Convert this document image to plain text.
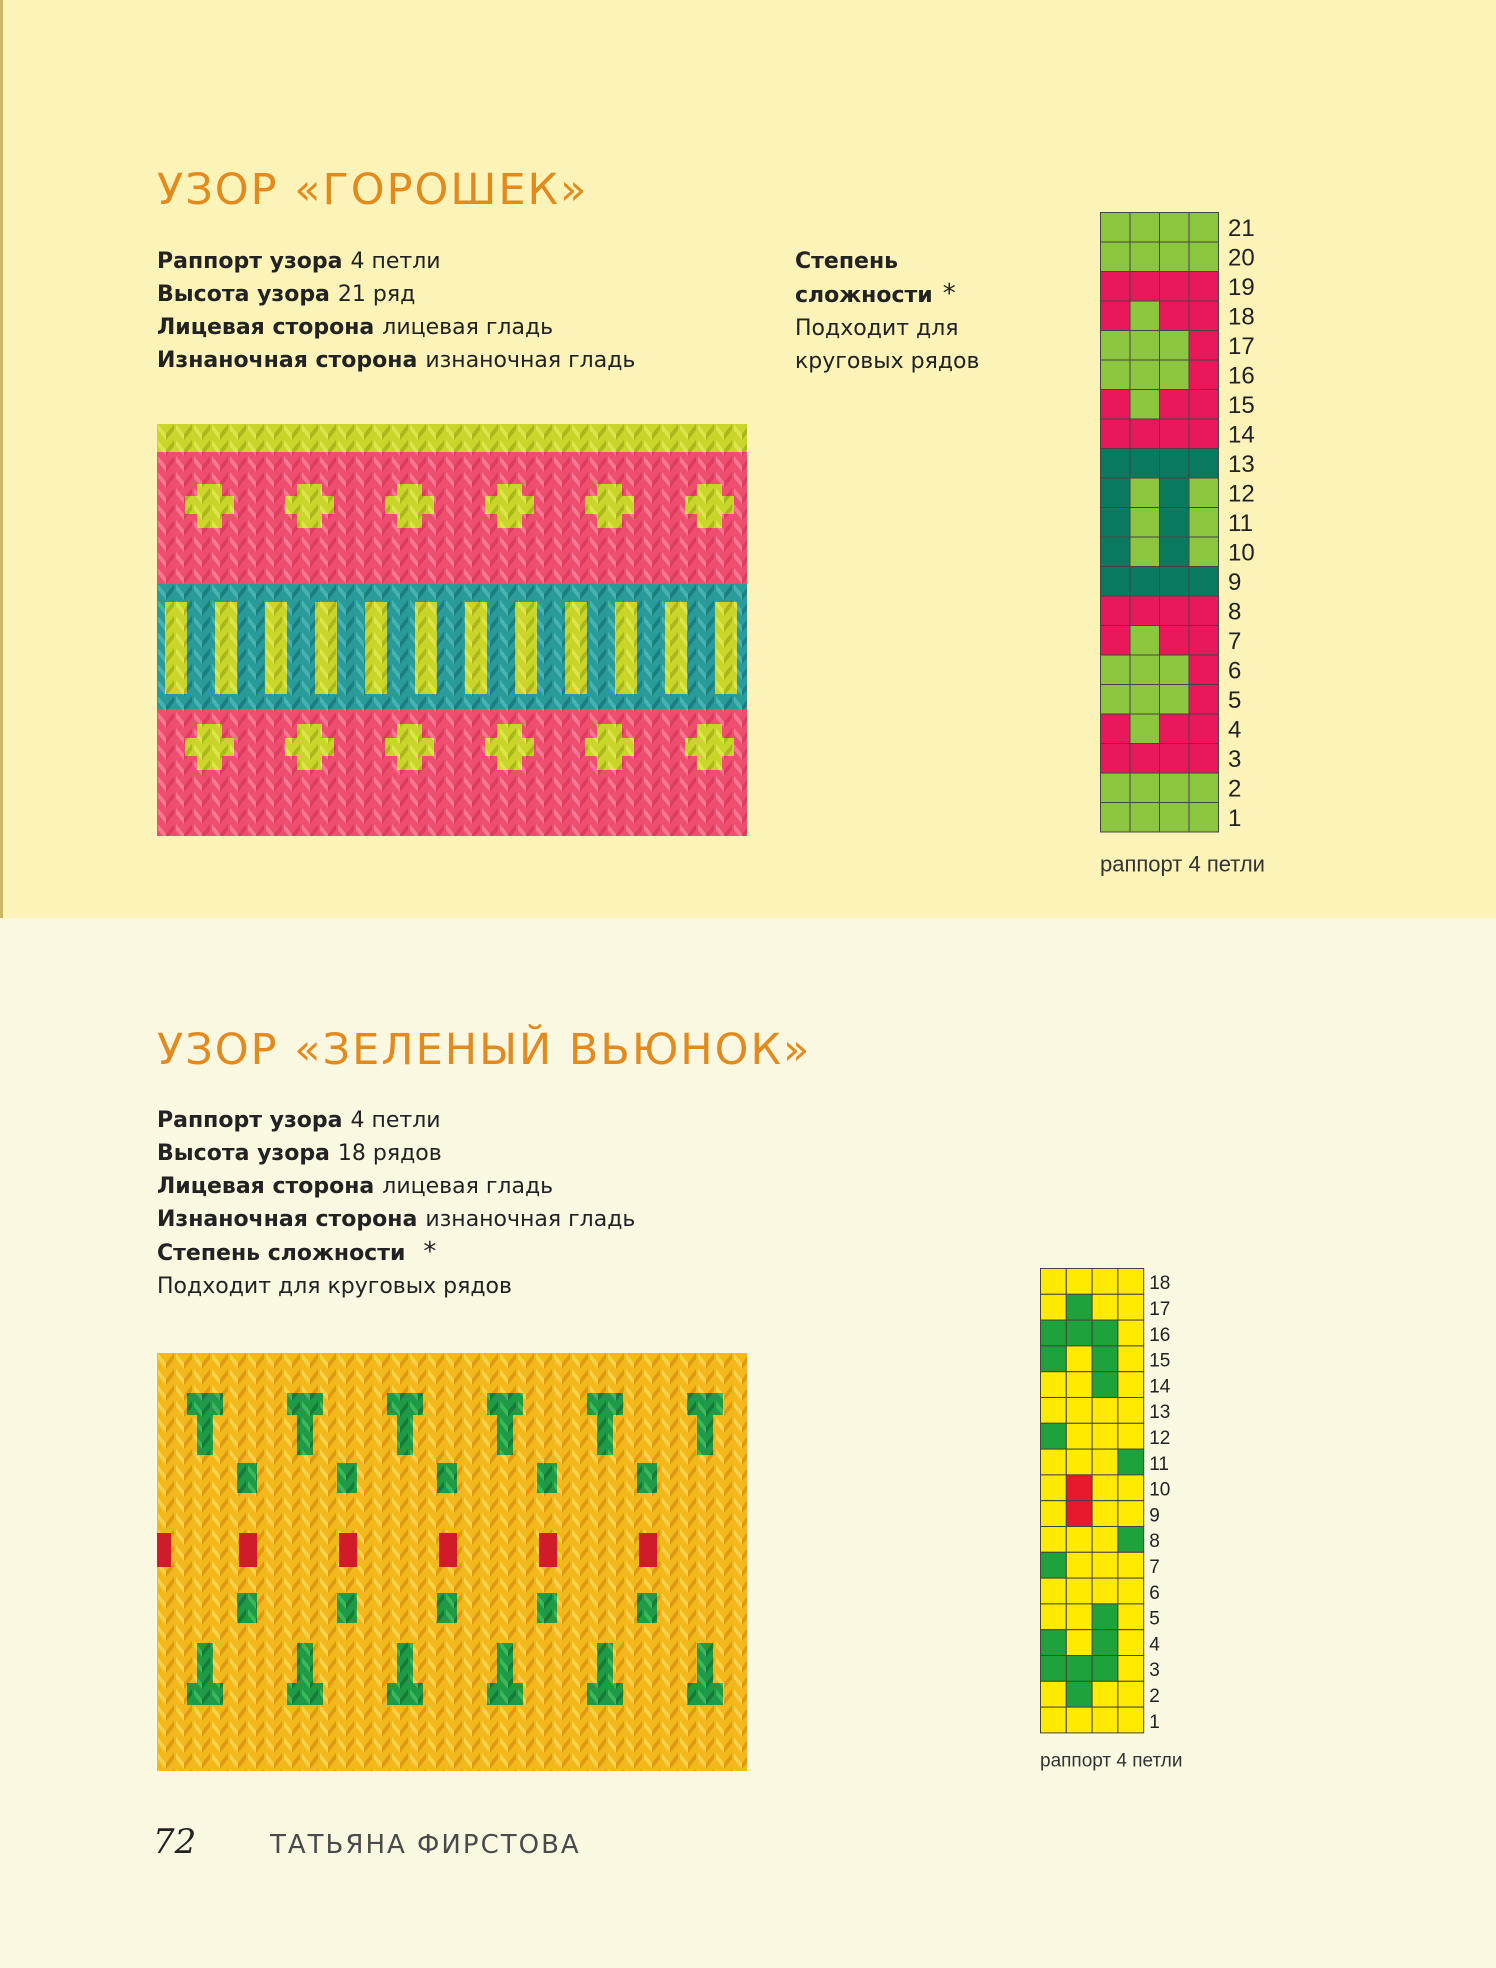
УЗОР «ГОРОШЕК»
Раппорт узора 4 петли
Высота узора 21 ряд
Лицевая сторона лицевая гладь
Изнаночная сторона изнаночная гладь
Степень
сложности *
Подходит для
круговых рядов
21
20
19
18
17
16
15
14
13
12
11
10
9
8
7
6
5
4
3
2
1
раппорт 4 петли
УЗОР «ЗЕЛЕНЫЙ ВЬЮНОК»
Раппорт узора 4 петли
Высота узора 18 рядов
Лицевая сторона лицевая гладь
Изнаночная сторона изнаночная гладь
Степень сложности *
Подходит для круговых рядов	18
17
16
15
14
13
12
11
10
9
8
7
6
5
4
3
2
1
раппорт 4 петли
72	ТАТЬЯНА ФИРСТОВА
